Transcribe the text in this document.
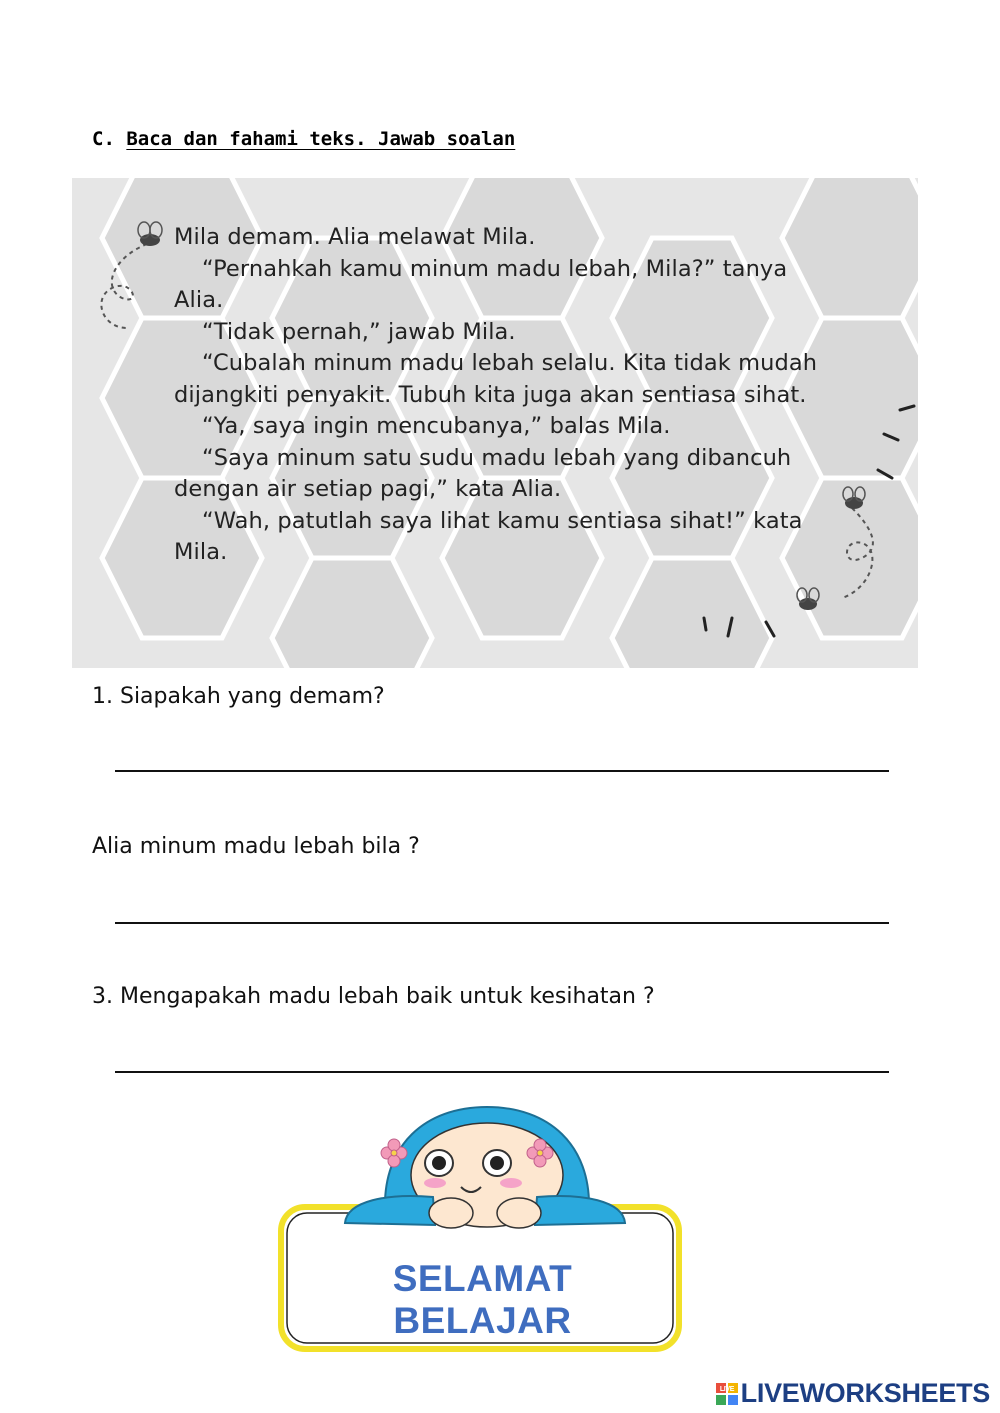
C. Baca dan fahami teks. Jawab soalan

Mila demam. Alia melawat Mila.

“Pernahkah kamu minum madu lebah, Mila?” tanya Alia.

“Tidak pernah,” jawab Mila.

“Cubalah minum madu lebah selalu. Kita tidak mudah dijangkiti penyakit. Tubuh kita juga akan sentiasa sihat.

“Ya, saya ingin mencubanya,” balas Mila.

“Saya minum satu sudu madu lebah yang dibancuh dengan air setiap pagi,” kata Alia.

“Wah, patutlah saya lihat kamu sentiasa sihat!” kata Mila.

1. Siapakah yang demam?
Alia minum madu lebah bila ?
3. Mengapakah madu lebah baik untuk kesihatan ?
SELAMAT BELAJAR
LIVE LIVEWORKSHEETS
